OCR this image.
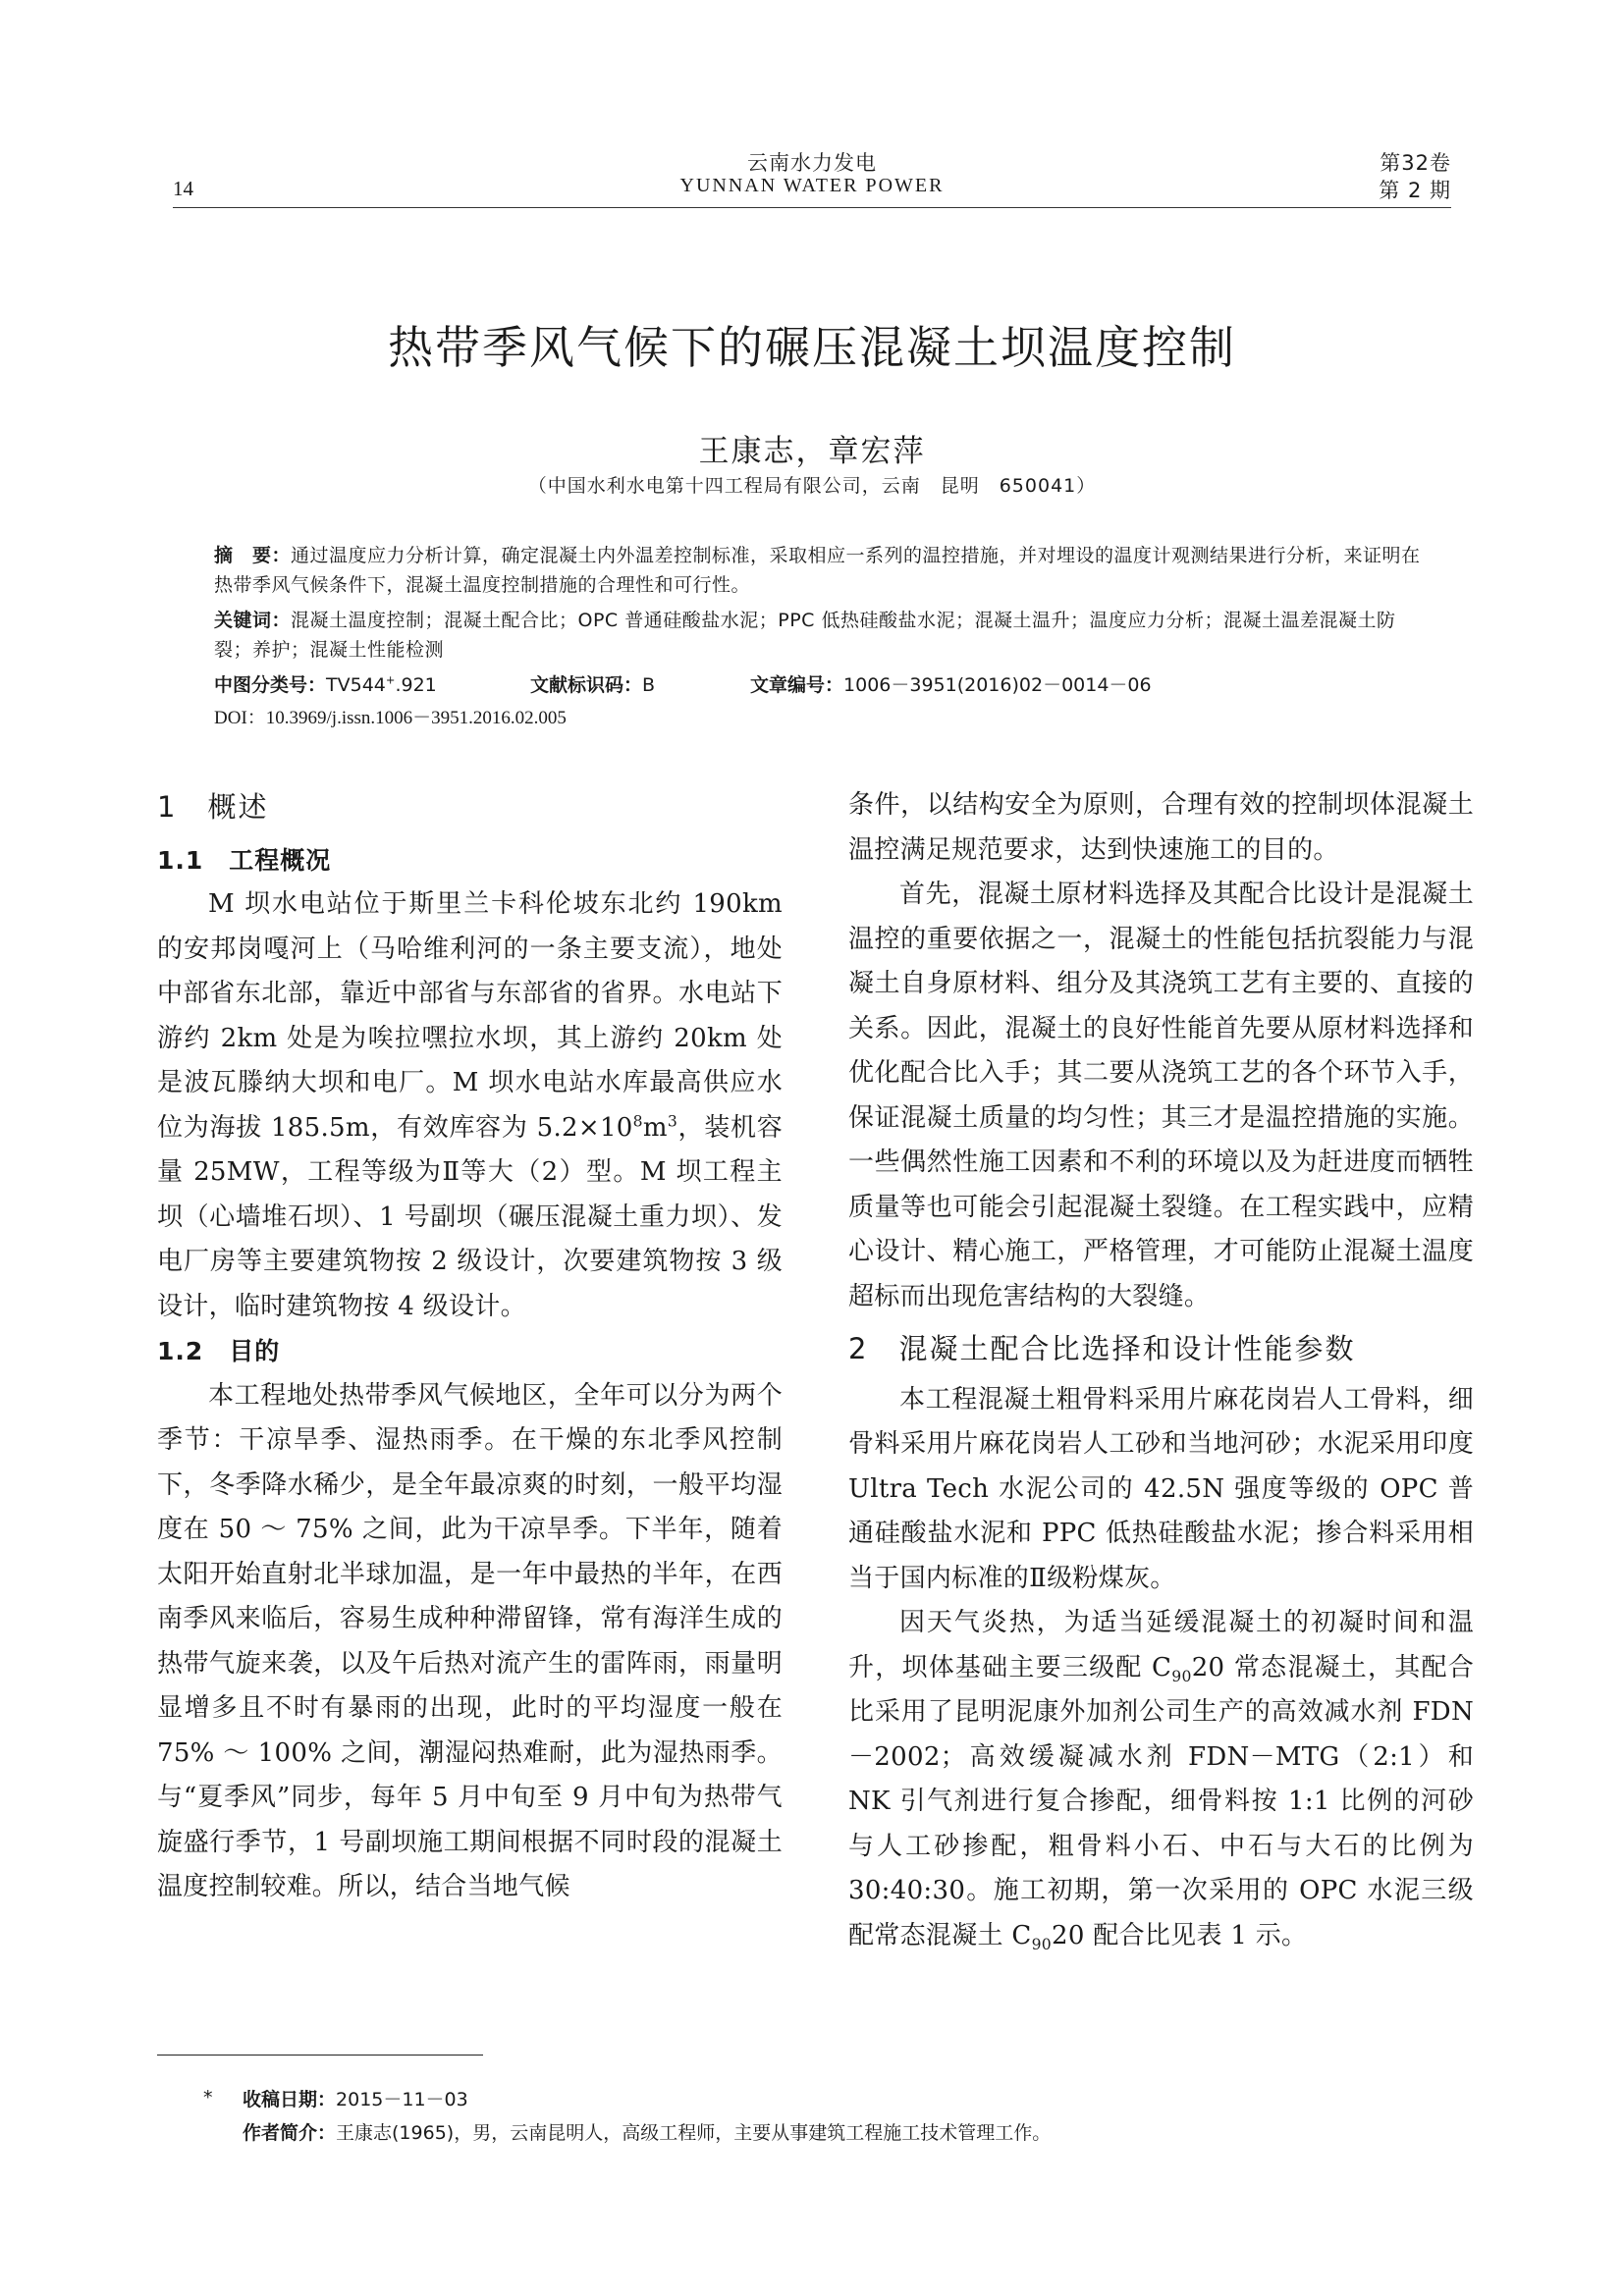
14
云南水力发电
YUNNAN WATER POWER
第32卷
第 2 期
热带季风气候下的碾压混凝土坝温度控制
王康志，章宏萍
（中国水利水电第十四工程局有限公司，云南　昆明　650041）
摘　要：通过温度应力分析计算，确定混凝土内外温差控制标准，采取相应一系列的温控措施，并对埋设的温度计观测结果进行分析，来证明在热带季风气候条件下，混凝土温度控制措施的合理性和可行性。
关键词：混凝土温度控制；混凝土配合比；OPC 普通硅酸盐水泥；PPC 低热硅酸盐水泥；混凝土温升；温度应力分析；混凝土温差混凝土防裂；养护；混凝土性能检测
中图分类号：TV544+.921	文献标识码：B	文章编号：1006－3951(2016)02－0014－06
DOI：10.3969/j.issn.1006－3951.2016.02.005
1　概述
1.1　工程概况

M 坝水电站位于斯里兰卡科伦坡东北约 190km 的安邦岗嘎河上（马哈维利河的一条主要支流），地处中部省东北部，靠近中部省与东部省的省界。水电站下游约 2km 处是为唉拉嘿拉水坝，其上游约 20km 处是波瓦滕纳大坝和电厂。M 坝水电站水库最高供应水位为海拔 185.5m，有效库容为 $5.2\times 10^8m^3$，装机容量 25MW，工程等级为Ⅱ等大（2）型。M 坝工程主坝（心墙堆石坝）、1 号副坝（碾压混凝土重力坝）、发电厂房等主要建筑物按 2 级设计，次要建筑物按 3 级设计，临时建筑物按 4 级设计。

1.2　目的

本工程地处热带季风气候地区，全年可以分为两个季节：干凉旱季、湿热雨季。在干燥的东北季风控制下，冬季降水稀少，是全年最凉爽的时刻，一般平均湿度在 50 ～ 75% 之间，此为干凉旱季。下半年，随着太阳开始直射北半球加温，是一年中最热的半年，在西南季风来临后，容易生成种种滞留锋，常有海洋生成的热带气旋来袭，以及午后热对流产生的雷阵雨，雨量明显增多且不时有暴雨的出现，此时的平均湿度一般在 75% ～ 100% 之间，潮湿闷热难耐，此为湿热雨季。与“夏季风”同步，每年 5 月中旬至 9 月中旬为热带气旋盛行季节，1 号副坝施工期间根据不同时段的混凝土温度控制较难。所以，结合当地气候

条件，以结构安全为原则，合理有效的控制坝体混凝土温控满足规范要求，达到快速施工的目的。

首先，混凝土原材料选择及其配合比设计是混凝土温控的重要依据之一，混凝土的性能包括抗裂能力与混凝土自身原材料、组分及其浇筑工艺有主要的、直接的关系。因此，混凝土的良好性能首先要从原材料选择和优化配合比入手；其二要从浇筑工艺的各个环节入手，保证混凝土质量的均匀性；其三才是温控措施的实施。一些偶然性施工因素和不利的环境以及为赶进度而牺牲质量等也可能会引起混凝土裂缝。在工程实践中，应精心设计、精心施工，严格管理，才可能防止混凝土温度超标而出现危害结构的大裂缝。

2　混凝土配合比选择和设计性能参数

本工程混凝土粗骨料采用片麻花岗岩人工骨料，细骨料采用片麻花岗岩人工砂和当地河砂；水泥采用印度 Ultra Tech 水泥公司的 42.5N 强度等级的 OPC 普通硅酸盐水泥和 PPC 低热硅酸盐水泥；掺合料采用相当于国内标准的Ⅱ级粉煤灰。

因天气炎热，为适当延缓混凝土的初凝时间和温升，坝体基础主要三级配 $C_{90}20$ 常态混凝土，其配合比采用了昆明泥康外加剂公司生产的高效减水剂 FDN－2002；高效缓凝减水剂 FDN－MTG（2:1）和 NK 引气剂进行复合掺配，细骨料按 1:1 比例的河砂与人工砂掺配，粗骨料小石、中石与大石的比例为 30:40:30。施工初期，第一次采用的 OPC 水泥三级配常态混凝土 $C_{90}20$ 配合比见表 1 示。

* 收稿日期：2015－11－03
作者简介：王康志(1965)，男，云南昆明人，高级工程师，主要从事建筑工程施工技术管理工作。
